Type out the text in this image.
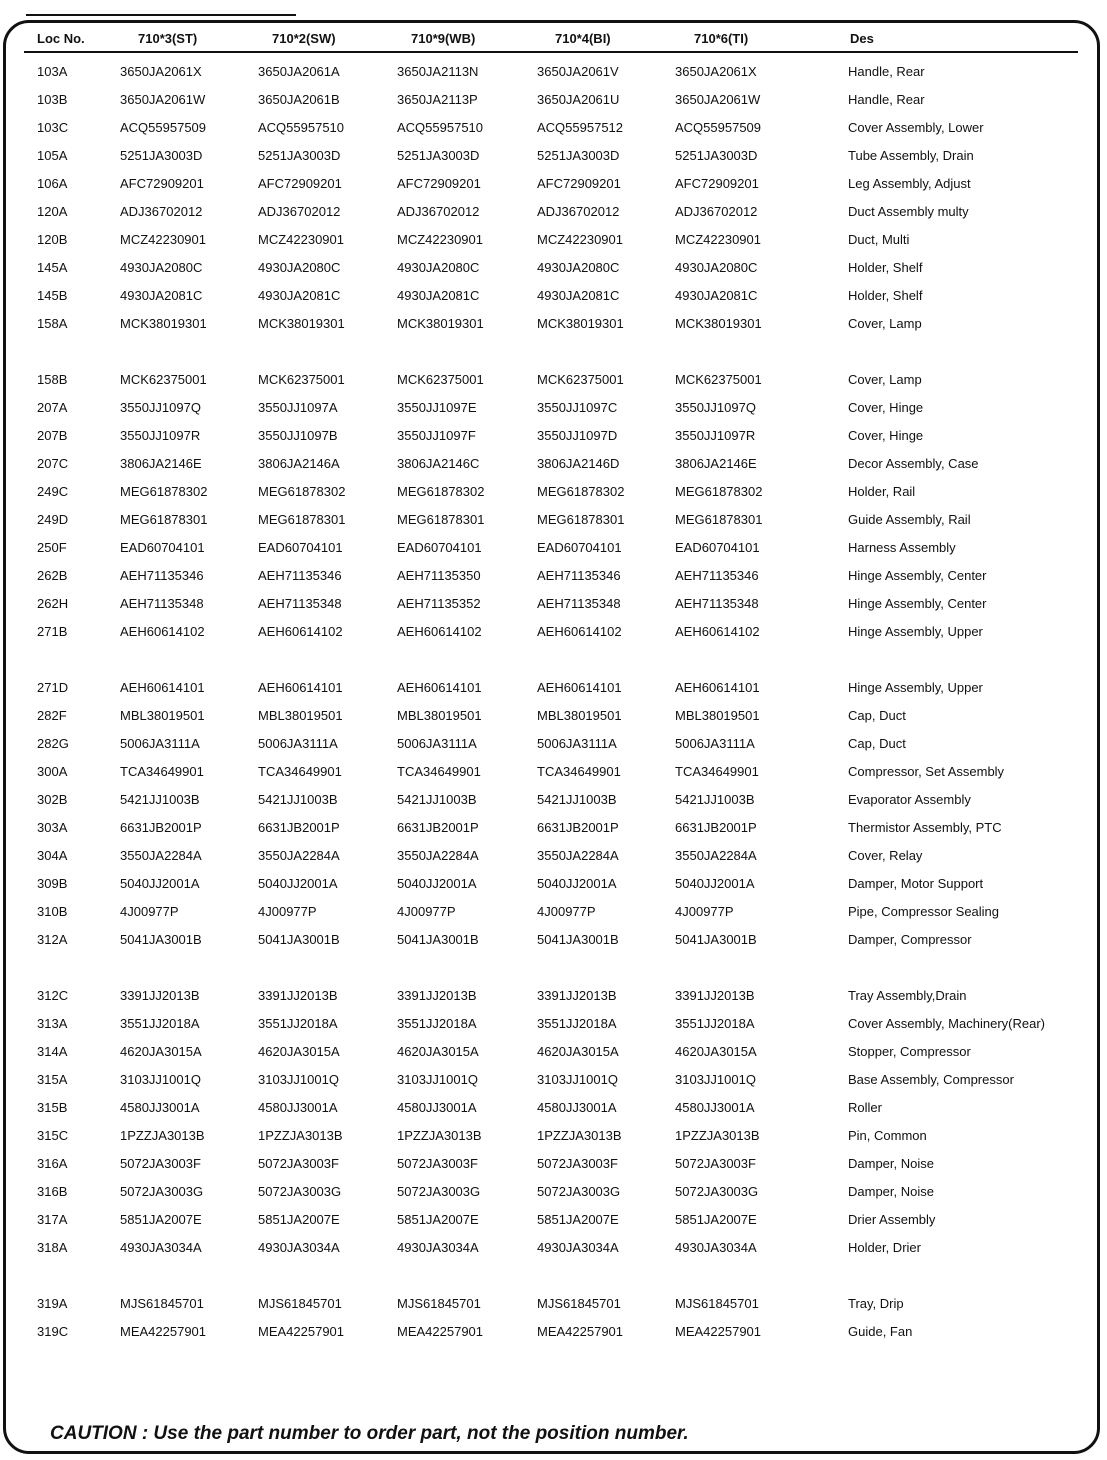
Loc No.	710*3(ST)	710*2(SW)	710*9(WB)	710*4(BI)	710*6(TI)	Des
103A	3650JA2061X	3650JA2061A	3650JA2113N	3650JA2061V	3650JA2061X	Handle, Rear
103B	3650JA2061W	3650JA2061B	3650JA2113P	3650JA2061U	3650JA2061W	Handle, Rear
103C	ACQ55957509	ACQ55957510	ACQ55957510	ACQ55957512	ACQ55957509	Cover Assembly, Lower
105A	5251JA3003D	5251JA3003D	5251JA3003D	5251JA3003D	5251JA3003D	Tube Assembly, Drain
106A	AFC72909201	AFC72909201	AFC72909201	AFC72909201	AFC72909201	Leg Assembly, Adjust
120A	ADJ36702012	ADJ36702012	ADJ36702012	ADJ36702012	ADJ36702012	Duct Assembly multy
120B	MCZ42230901	MCZ42230901	MCZ42230901	MCZ42230901	MCZ42230901	Duct, Multi
145A	4930JA2080C	4930JA2080C	4930JA2080C	4930JA2080C	4930JA2080C	Holder, Shelf
145B	4930JA2081C	4930JA2081C	4930JA2081C	4930JA2081C	4930JA2081C	Holder, Shelf
158A	MCK38019301	MCK38019301	MCK38019301	MCK38019301	MCK38019301	Cover, Lamp
158B	MCK62375001	MCK62375001	MCK62375001	MCK62375001	MCK62375001	Cover, Lamp
207A	3550JJ1097Q	3550JJ1097A	3550JJ1097E	3550JJ1097C	3550JJ1097Q	Cover, Hinge
207B	3550JJ1097R	3550JJ1097B	3550JJ1097F	3550JJ1097D	3550JJ1097R	Cover, Hinge
207C	3806JA2146E	3806JA2146A	3806JA2146C	3806JA2146D	3806JA2146E	Decor Assembly, Case
249C	MEG61878302	MEG61878302	MEG61878302	MEG61878302	MEG61878302	Holder, Rail
249D	MEG61878301	MEG61878301	MEG61878301	MEG61878301	MEG61878301	Guide Assembly, Rail
250F	EAD60704101	EAD60704101	EAD60704101	EAD60704101	EAD60704101	Harness Assembly
262B	AEH71135346	AEH71135346	AEH71135350	AEH71135346	AEH71135346	Hinge Assembly, Center
262H	AEH71135348	AEH71135348	AEH71135352	AEH71135348	AEH71135348	Hinge Assembly, Center
271B	AEH60614102	AEH60614102	AEH60614102	AEH60614102	AEH60614102	Hinge Assembly, Upper
271D	AEH60614101	AEH60614101	AEH60614101	AEH60614101	AEH60614101	Hinge Assembly, Upper
282F	MBL38019501	MBL38019501	MBL38019501	MBL38019501	MBL38019501	Cap, Duct
282G	5006JA3111A	5006JA3111A	5006JA3111A	5006JA3111A	5006JA3111A	Cap, Duct
300A	TCA34649901	TCA34649901	TCA34649901	TCA34649901	TCA34649901	Compressor, Set Assembly
302B	5421JJ1003B	5421JJ1003B	5421JJ1003B	5421JJ1003B	5421JJ1003B	Evaporator Assembly
303A	6631JB2001P	6631JB2001P	6631JB2001P	6631JB2001P	6631JB2001P	Thermistor Assembly, PTC
304A	3550JA2284A	3550JA2284A	3550JA2284A	3550JA2284A	3550JA2284A	Cover, Relay
309B	5040JJ2001A	5040JJ2001A	5040JJ2001A	5040JJ2001A	5040JJ2001A	Damper, Motor Support
310B	4J00977P	4J00977P	4J00977P	4J00977P	4J00977P	Pipe, Compressor Sealing
312A	5041JA3001B	5041JA3001B	5041JA3001B	5041JA3001B	5041JA3001B	Damper, Compressor
312C	3391JJ2013B	3391JJ2013B	3391JJ2013B	3391JJ2013B	3391JJ2013B	Tray Assembly,Drain
313A	3551JJ2018A	3551JJ2018A	3551JJ2018A	3551JJ2018A	3551JJ2018A	Cover Assembly, Machinery(Rear)
314A	4620JA3015A	4620JA3015A	4620JA3015A	4620JA3015A	4620JA3015A	Stopper, Compressor
315A	3103JJ1001Q	3103JJ1001Q	3103JJ1001Q	3103JJ1001Q	3103JJ1001Q	Base Assembly, Compressor
315B	4580JJ3001A	4580JJ3001A	4580JJ3001A	4580JJ3001A	4580JJ3001A	Roller
315C	1PZZJA3013B	1PZZJA3013B	1PZZJA3013B	1PZZJA3013B	1PZZJA3013B	Pin, Common
316A	5072JA3003F	5072JA3003F	5072JA3003F	5072JA3003F	5072JA3003F	Damper, Noise
316B	5072JA3003G	5072JA3003G	5072JA3003G	5072JA3003G	5072JA3003G	Damper, Noise
317A	5851JA2007E	5851JA2007E	5851JA2007E	5851JA2007E	5851JA2007E	Drier Assembly
318A	4930JA3034A	4930JA3034A	4930JA3034A	4930JA3034A	4930JA3034A	Holder, Drier
319A	MJS61845701	MJS61845701	MJS61845701	MJS61845701	MJS61845701	Tray, Drip
319C	MEA42257901	MEA42257901	MEA42257901	MEA42257901	MEA42257901	Guide, Fan
CAUTION : Use the part number to order part, not the position number.
